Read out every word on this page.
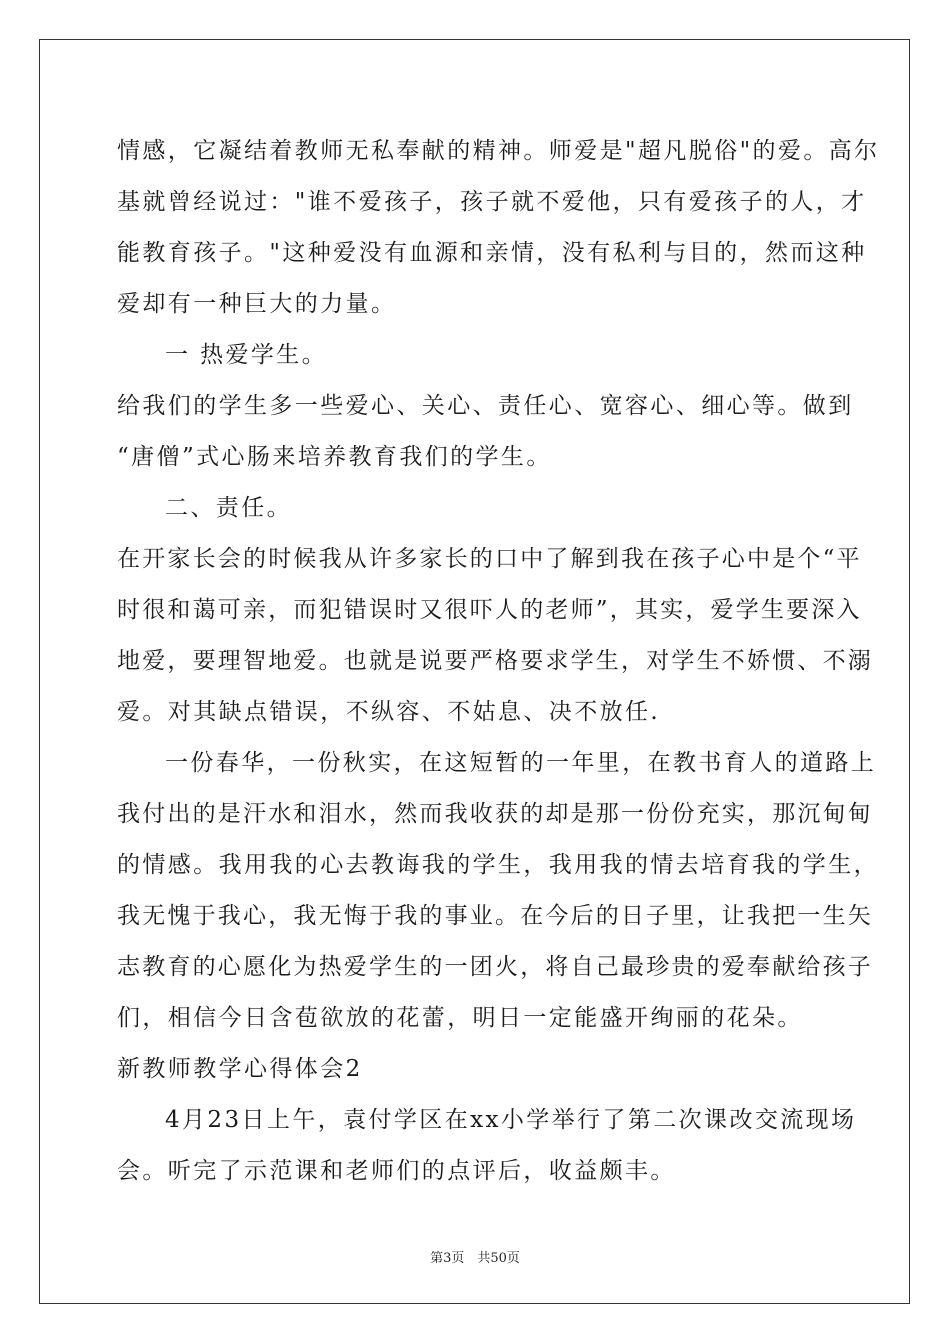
情感，它凝结着教师无私奉献的精神。师爱是"超凡脱俗"的爱。高尔
基就曾经说过："谁不爱孩子，孩子就不爱他，只有爱孩子的人，才
能教育孩子。"这种爱没有血源和亲情，没有私利与目的，然而这种
爱却有一种巨大的力量。
一 热爱学生。
给我们的学生多一些爱心、关心、责任心、宽容心、细心等。做到
“唐僧”式心肠来培养教育我们的学生。
二、责任。
在开家长会的时候我从许多家长的口中了解到我在孩子心中是个“平
时很和蔼可亲，而犯错误时又很吓人的老师”，其实，爱学生要深入
地爱，要理智地爱。也就是说要严格要求学生，对学生不娇惯、不溺
爱。对其缺点错误，不纵容、不姑息、决不放任.
一份春华，一份秋实，在这短暂的一年里，在教书育人的道路上
我付出的是汗水和泪水，然而我收获的却是那一份份充实，那沉甸甸
的情感。我用我的心去教诲我的学生，我用我的情去培育我的学生，
我无愧于我心，我无悔于我的事业。在今后的日子里，让我把一生矢
志教育的心愿化为热爱学生的一团火，将自己最珍贵的爱奉献给孩子
们，相信今日含苞欲放的花蕾，明日一定能盛开绚丽的花朵。
新教师教学心得体会2
4月23日上午，袁付学区在xx小学举行了第二次课改交流现场
会。听完了示范课和老师们的点评后，收益颇丰。
第3页　共50页
